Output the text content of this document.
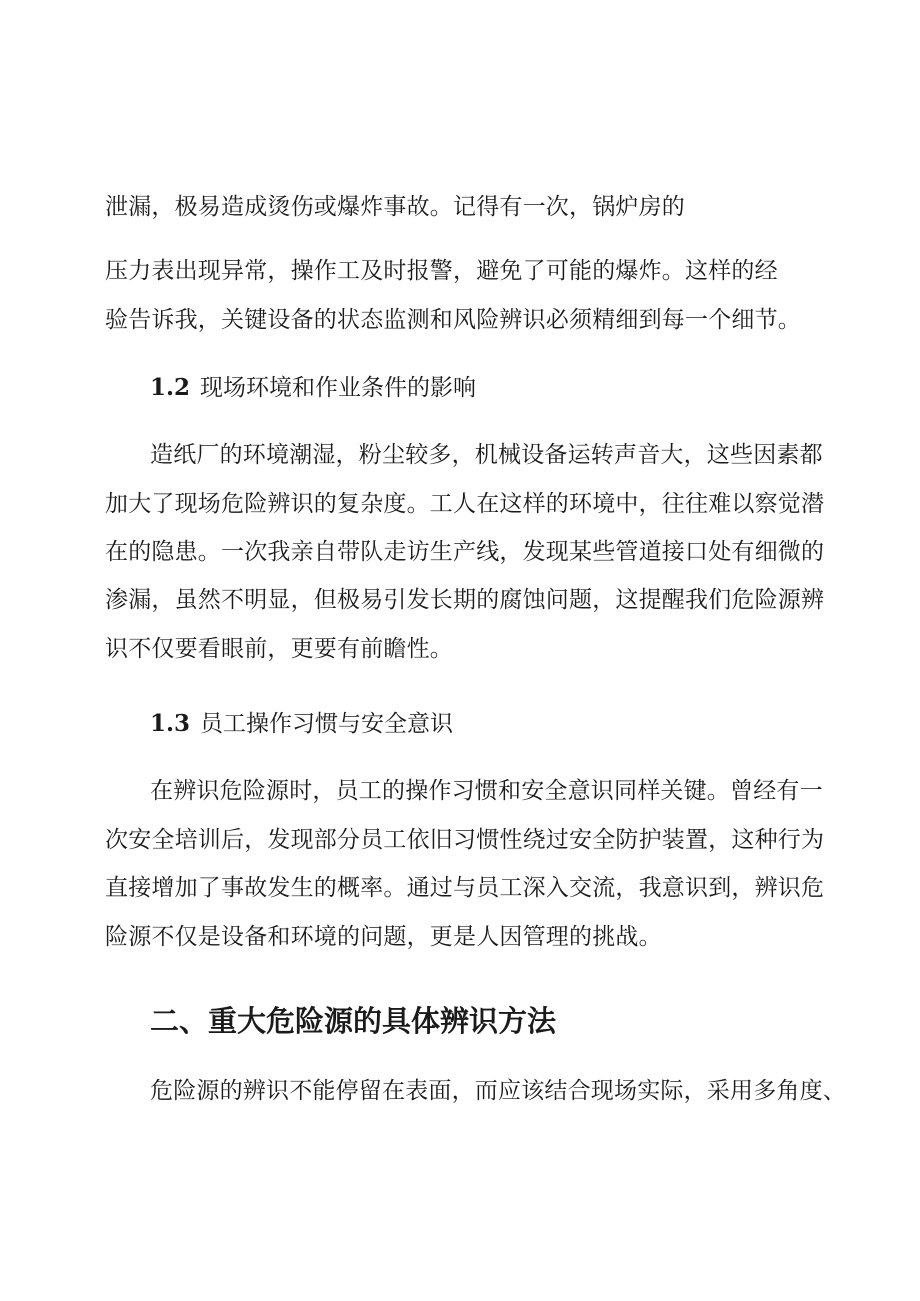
泄漏，极易造成烫伤或爆炸事故。记得有一次，锅炉房的
压力表出现异常，操作工及时报警，避免了可能的爆炸。这样的经
验告诉我，关键设备的状态监测和风险辨识必须精细到每一个细节。
1.2 现场环境和作业条件的影响
造纸厂的环境潮湿，粉尘较多，机械设备运转声音大，这些因素都
加大了现场危险辨识的复杂度。工人在这样的环境中，往往难以察觉潜
在的隐患。一次我亲自带队走访生产线，发现某些管道接口处有细微的
渗漏，虽然不明显，但极易引发长期的腐蚀问题，这提醒我们危险源辨
识不仅要看眼前，更要有前瞻性。
1.3 员工操作习惯与安全意识
在辨识危险源时，员工的操作习惯和安全意识同样关键。曾经有一
次安全培训后，发现部分员工依旧习惯性绕过安全防护装置，这种行为
直接增加了事故发生的概率。通过与员工深入交流，我意识到，辨识危
险源不仅是设备和环境的问题，更是人因管理的挑战。
二、重大危险源的具体辨识方法
危险源的辨识不能停留在表面，而应该结合现场实际，采用多角度、
